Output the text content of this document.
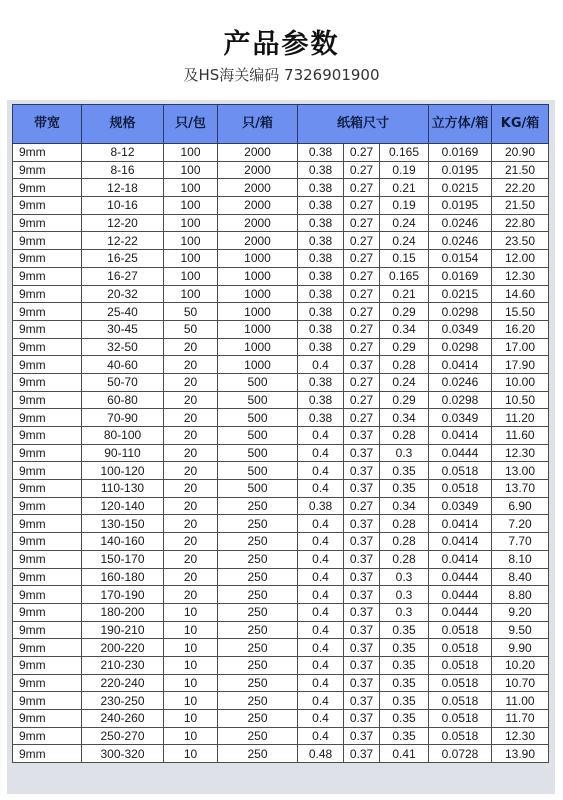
产品参数
及HS海关编码 7326901900
带宽	规格	只/包	只/箱	纸箱尺寸			立方体/箱	KG/箱
9mm	8-12	100	2000	0.38	0.27	0.165	0.0169	20.90
9mm	8-16	100	2000	0.38	0.27	0.19	0.0195	21.50
9mm	12-18	100	2000	0.38	0.27	0.21	0.0215	22.20
9mm	10-16	100	2000	0.38	0.27	0.19	0.0195	21.50
9mm	12-20	100	2000	0.38	0.27	0.24	0.0246	22.80
9mm	12-22	100	2000	0.38	0.27	0.24	0.0246	23.50
9mm	16-25	100	1000	0.38	0.27	0.15	0.0154	12.00
9mm	16-27	100	1000	0.38	0.27	0.165	0.0169	12.30
9mm	20-32	100	1000	0.38	0.27	0.21	0.0215	14.60
9mm	25-40	50	1000	0.38	0.27	0.29	0.0298	15.50
9mm	30-45	50	1000	0.38	0.27	0.34	0.0349	16.20
9mm	32-50	20	1000	0.38	0.27	0.29	0.0298	17.00
9mm	40-60	20	1000	0.4	0.37	0.28	0.0414	17.90
9mm	50-70	20	500	0.38	0.27	0.24	0.0246	10.00
9mm	60-80	20	500	0.38	0.27	0.29	0.0298	10.50
9mm	70-90	20	500	0.38	0.27	0.34	0.0349	11.20
9mm	80-100	20	500	0.4	0.37	0.28	0.0414	11.60
9mm	90-110	20	500	0.4	0.37	0.3	0.0444	12.30
9mm	100-120	20	500	0.4	0.37	0.35	0.0518	13.00
9mm	110-130	20	500	0.4	0.37	0.35	0.0518	13.70
9mm	120-140	20	250	0.38	0.27	0.34	0.0349	6.90
9mm	130-150	20	250	0.4	0.37	0.28	0.0414	7.20
9mm	140-160	20	250	0.4	0.37	0.28	0.0414	7.70
9mm	150-170	20	250	0.4	0.37	0.28	0.0414	8.10
9mm	160-180	20	250	0.4	0.37	0.3	0.0444	8.40
9mm	170-190	20	250	0.4	0.37	0.3	0.0444	8.80
9mm	180-200	10	250	0.4	0.37	0.3	0.0444	9.20
9mm	190-210	10	250	0.4	0.37	0.35	0.0518	9.50
9mm	200-220	10	250	0.4	0.37	0.35	0.0518	9.90
9mm	210-230	10	250	0.4	0.37	0.35	0.0518	10.20
9mm	220-240	10	250	0.4	0.37	0.35	0.0518	10.70
9mm	230-250	10	250	0.4	0.37	0.35	0.0518	11.00
9mm	240-260	10	250	0.4	0.37	0.35	0.0518	11.70
9mm	250-270	10	250	0.4	0.37	0.35	0.0518	12.30
9mm	300-320	10	250	0.48	0.37	0.41	0.0728	13.90
